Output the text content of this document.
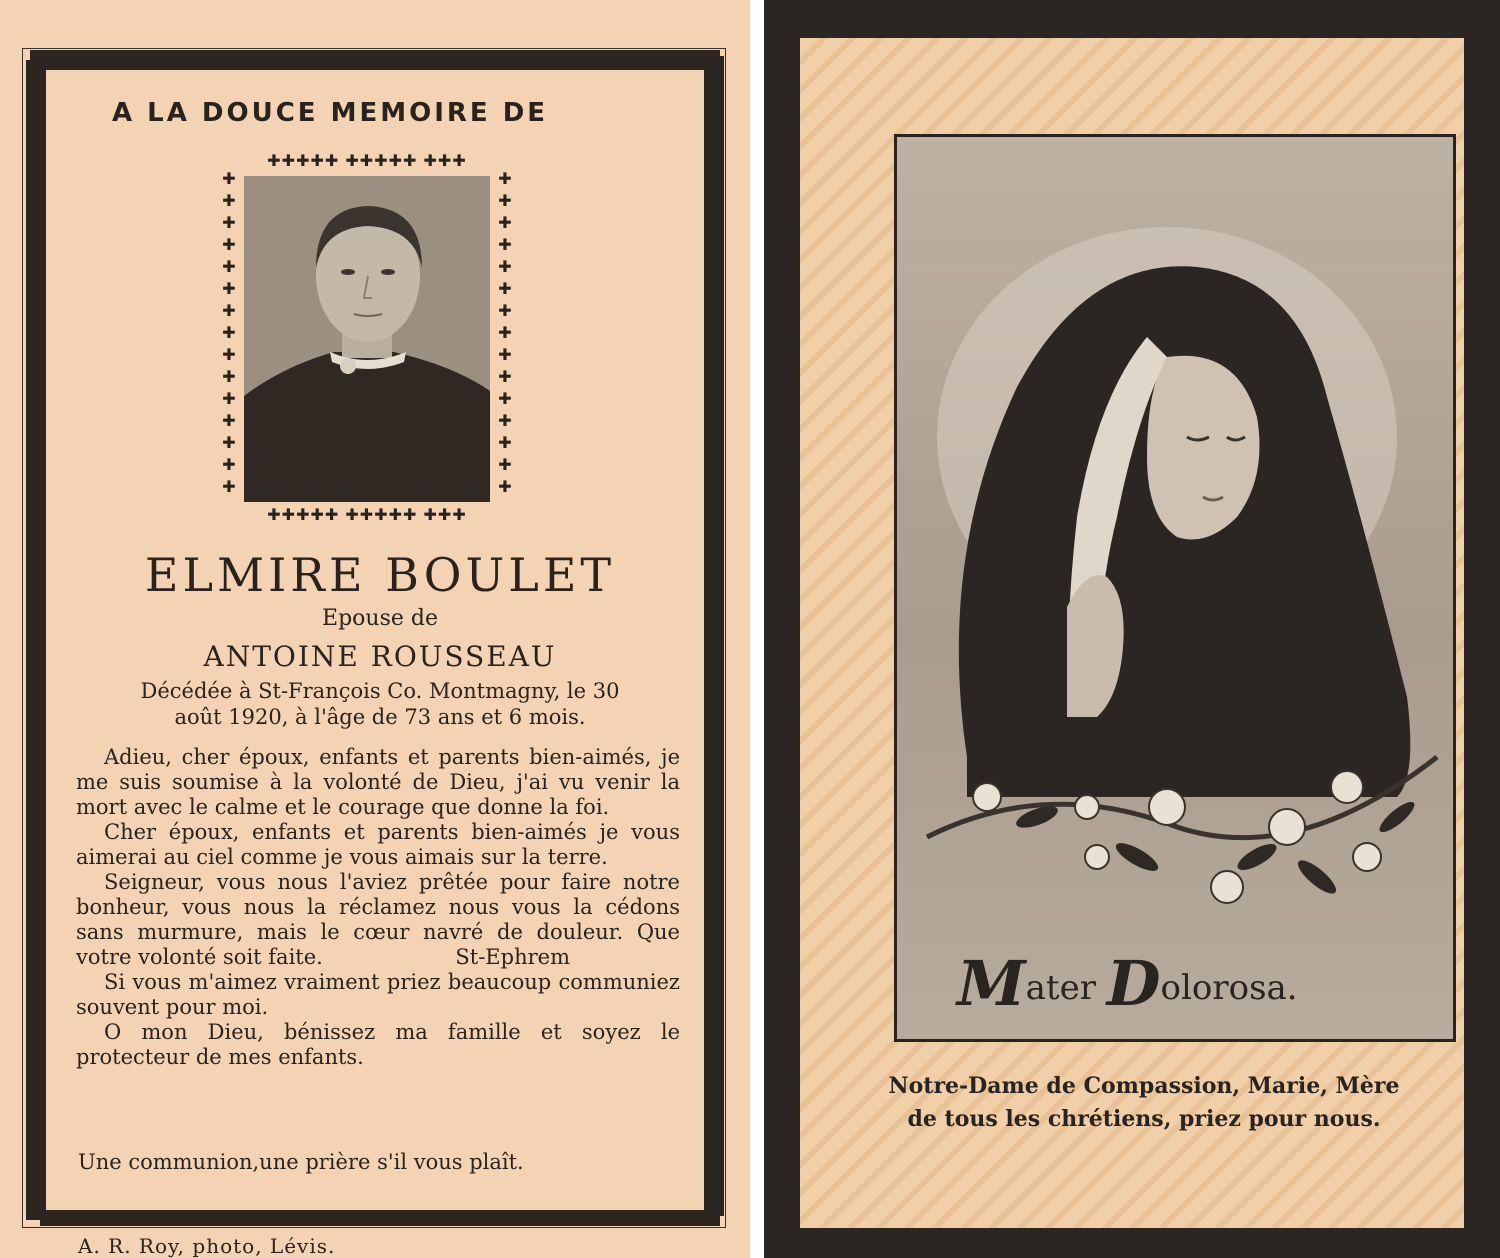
A LA DOUCE MEMOIRE DE
✚✚✚✚✚ ✚✚✚✚✚ ✚✚✚
✚✚✚✚✚ ✚✚✚✚✚ ✚✚✚
✚
✚
✚
✚
✚
✚
✚
✚
✚
✚
✚
✚
✚
✚
✚
✚
✚
✚
✚
✚
✚
✚
✚
✚
✚
✚
✚
✚
✚
✚
ELMIRE BOULET
Epouse de
ANTOINE ROUSSEAU
Décédée à St-François Co. Montmagny, le 30
août 1920, à l'âge de 73 ans et 6 mois.

Adieu, cher époux, enfants et parents bien-aimés, je me suis soumise à la volonté de Dieu, j'ai vu venir la mort avec le calme et le courage que donne la foi.

Cher époux, enfants et parents bien-aimés je vous aimerai au ciel comme je vous aimais sur la terre.

Seigneur, vous nous l'aviez prêtée pour faire notre bonheur, vous nous la réclamez nous vous la cédons sans murmure, mais le cœur navré de douleur. Que votre volonté soit faite.	St-Ephrem

Si vous m'aimez vraiment priez beaucoup communiez souvent pour moi.

O mon Dieu, bénissez ma famille et soyez le protecteur de mes enfants.

Une communion,une prière s'il vous plaît.
A. R. Roy, photo, Lévis.
Mater Dolorosa.
Notre-Dame de Compassion, Marie, Mère
de tous les chrétiens, priez pour nous.
